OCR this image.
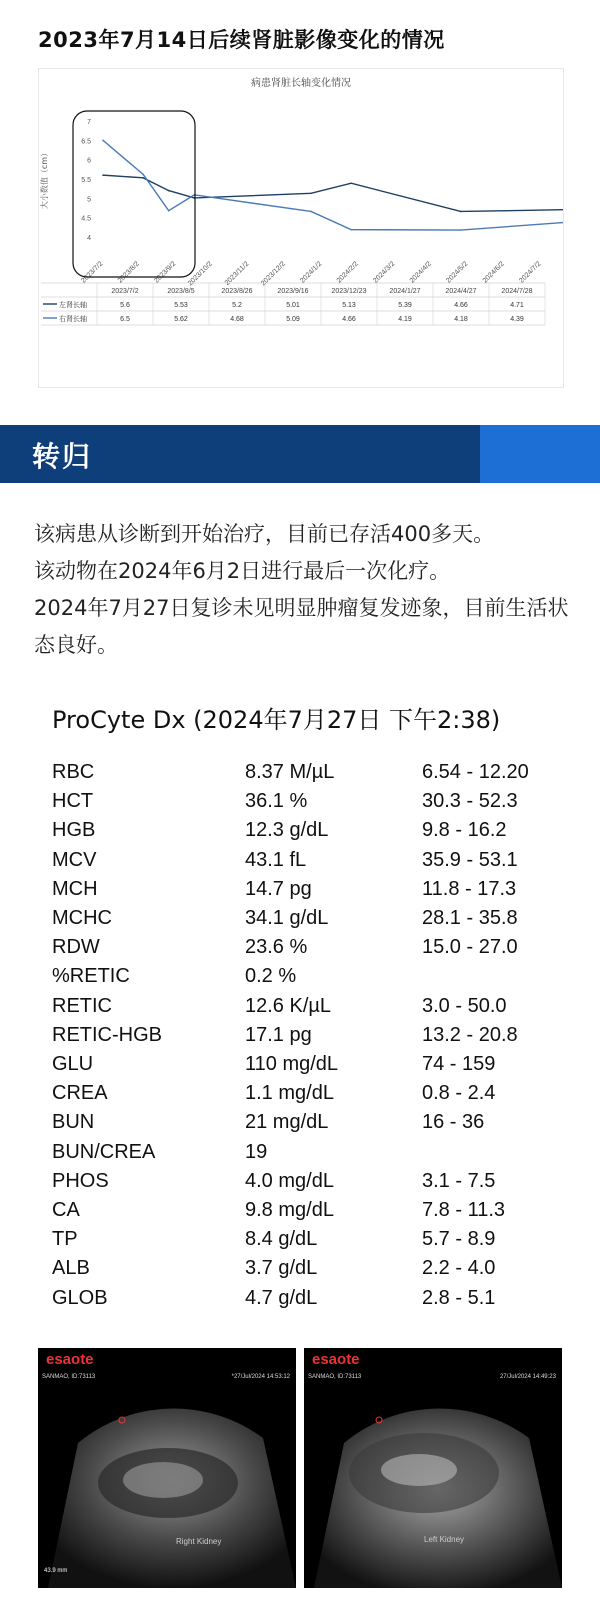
2023年7月14日后续肾脏影像变化的情况
病患肾脏长轴变化情况
大小数值（cm）
4
4.5
5
5.5
6
6.5
7
2023/7/2 2023/8/2 2023/9/2 2023/10/2 2023/11/2 2023/12/2 2024/1/2 2024/2/2 2024/3/2 2024/4/2 2024/5/2 2024/6/2 2024/7/2
2023/7/2	2023/8/5	2023/8/26	2023/9/16	2023/12/23	2024/1/27	2024/4/27	2024/7/28
左肾长轴	5.6	5.53	5.2	5.01	5.13	5.39	4.66	4.71
右肾长轴	6.5	5.62	4.68	5.09	4.66	4.19	4.18	4.39
转归

该病患从诊断到开始治疗，目前已存活400多天。

该动物在2024年6月2日进行最后一次化疗。

2024年7月27日复诊未见明显肿瘤复发迹象，目前生活状态良好。

ProCyte Dx (2024年7月27日 下午2:38)
RBC	8.37 M/µL	6.54 - 12.20
HCT	36.1 %	30.3 - 52.3
HGB	12.3 g/dL	9.8 - 16.2
MCV	43.1 fL	35.9 - 53.1
MCH	14.7 pg	11.8 - 17.3
MCHC	34.1 g/dL	28.1 - 35.8
RDW	23.6 %	15.0 - 27.0
%RETIC	0.2 %
RETIC	12.6 K/µL	3.0 - 50.0
RETIC-HGB	17.1 pg	13.2 - 20.8
GLU	110 mg/dL	74 - 159
CREA	1.1 mg/dL	0.8 - 2.4
BUN	21 mg/dL	16 - 36
BUN/CREA	19
PHOS	4.0 mg/dL	3.1 - 7.5
CA	9.8 mg/dL	7.8 - 11.3
TP	8.4 g/dL	5.7 - 8.9
ALB	3.7 g/dL	2.2 - 4.0
GLOB	4.7 g/dL	2.8 - 5.1
esaote
SANMAO, ID:73113	*27/Jul/2024 14:53:12
Right Kidney
43.9 mm
esaote
SANMAO, ID:73113	27/Jul/2024 14:49:23
Left Kidney
